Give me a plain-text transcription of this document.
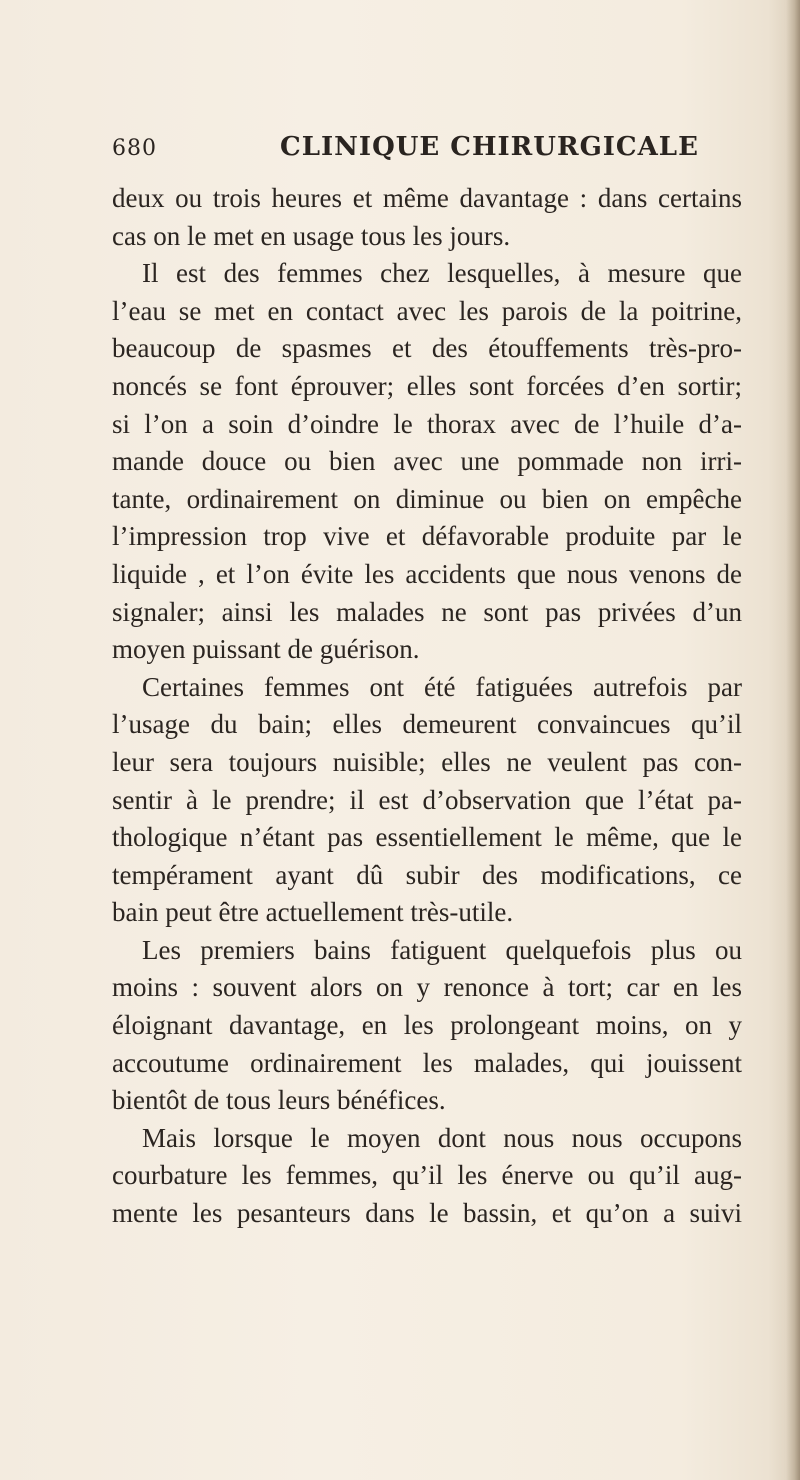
680	CLINIQUE CHIRURGICALE
deux ou trois heures et même davantage : dans certains
cas on le met en usage tous les jours.
Il est des femmes chez lesquelles, à mesure que
l’eau se met en contact avec les parois de la poitrine,
beaucoup de spasmes et des étouffements très-pro-
noncés se font éprouver; elles sont forcées d’en sortir;
si l’on a soin d’oindre le thorax avec de l’huile d’a-
mande douce ou bien avec une pommade non irri-
tante, ordinairement on diminue ou bien on empêche
l’impression trop vive et défavorable produite par le
liquide , et l’on évite les accidents que nous venons de
signaler; ainsi les malades ne sont pas privées d’un
moyen puissant de guérison.
Certaines femmes ont été fatiguées autrefois par
l’usage du bain; elles demeurent convaincues qu’il
leur sera toujours nuisible; elles ne veulent pas con-
sentir à le prendre; il est d’observation que l’état pa-
thologique n’étant pas essentiellement le même, que le
tempérament ayant dû subir des modifications, ce
bain peut être actuellement très-utile.
Les premiers bains fatiguent quelquefois plus ou
moins : souvent alors on y renonce à tort; car en les
éloignant davantage, en les prolongeant moins, on y
accoutume ordinairement les malades, qui jouissent
bientôt de tous leurs bénéfices.
Mais lorsque le moyen dont nous nous occupons
courbature les femmes, qu’il les énerve ou qu’il aug-
mente les pesanteurs dans le bassin, et qu’on a suivi
